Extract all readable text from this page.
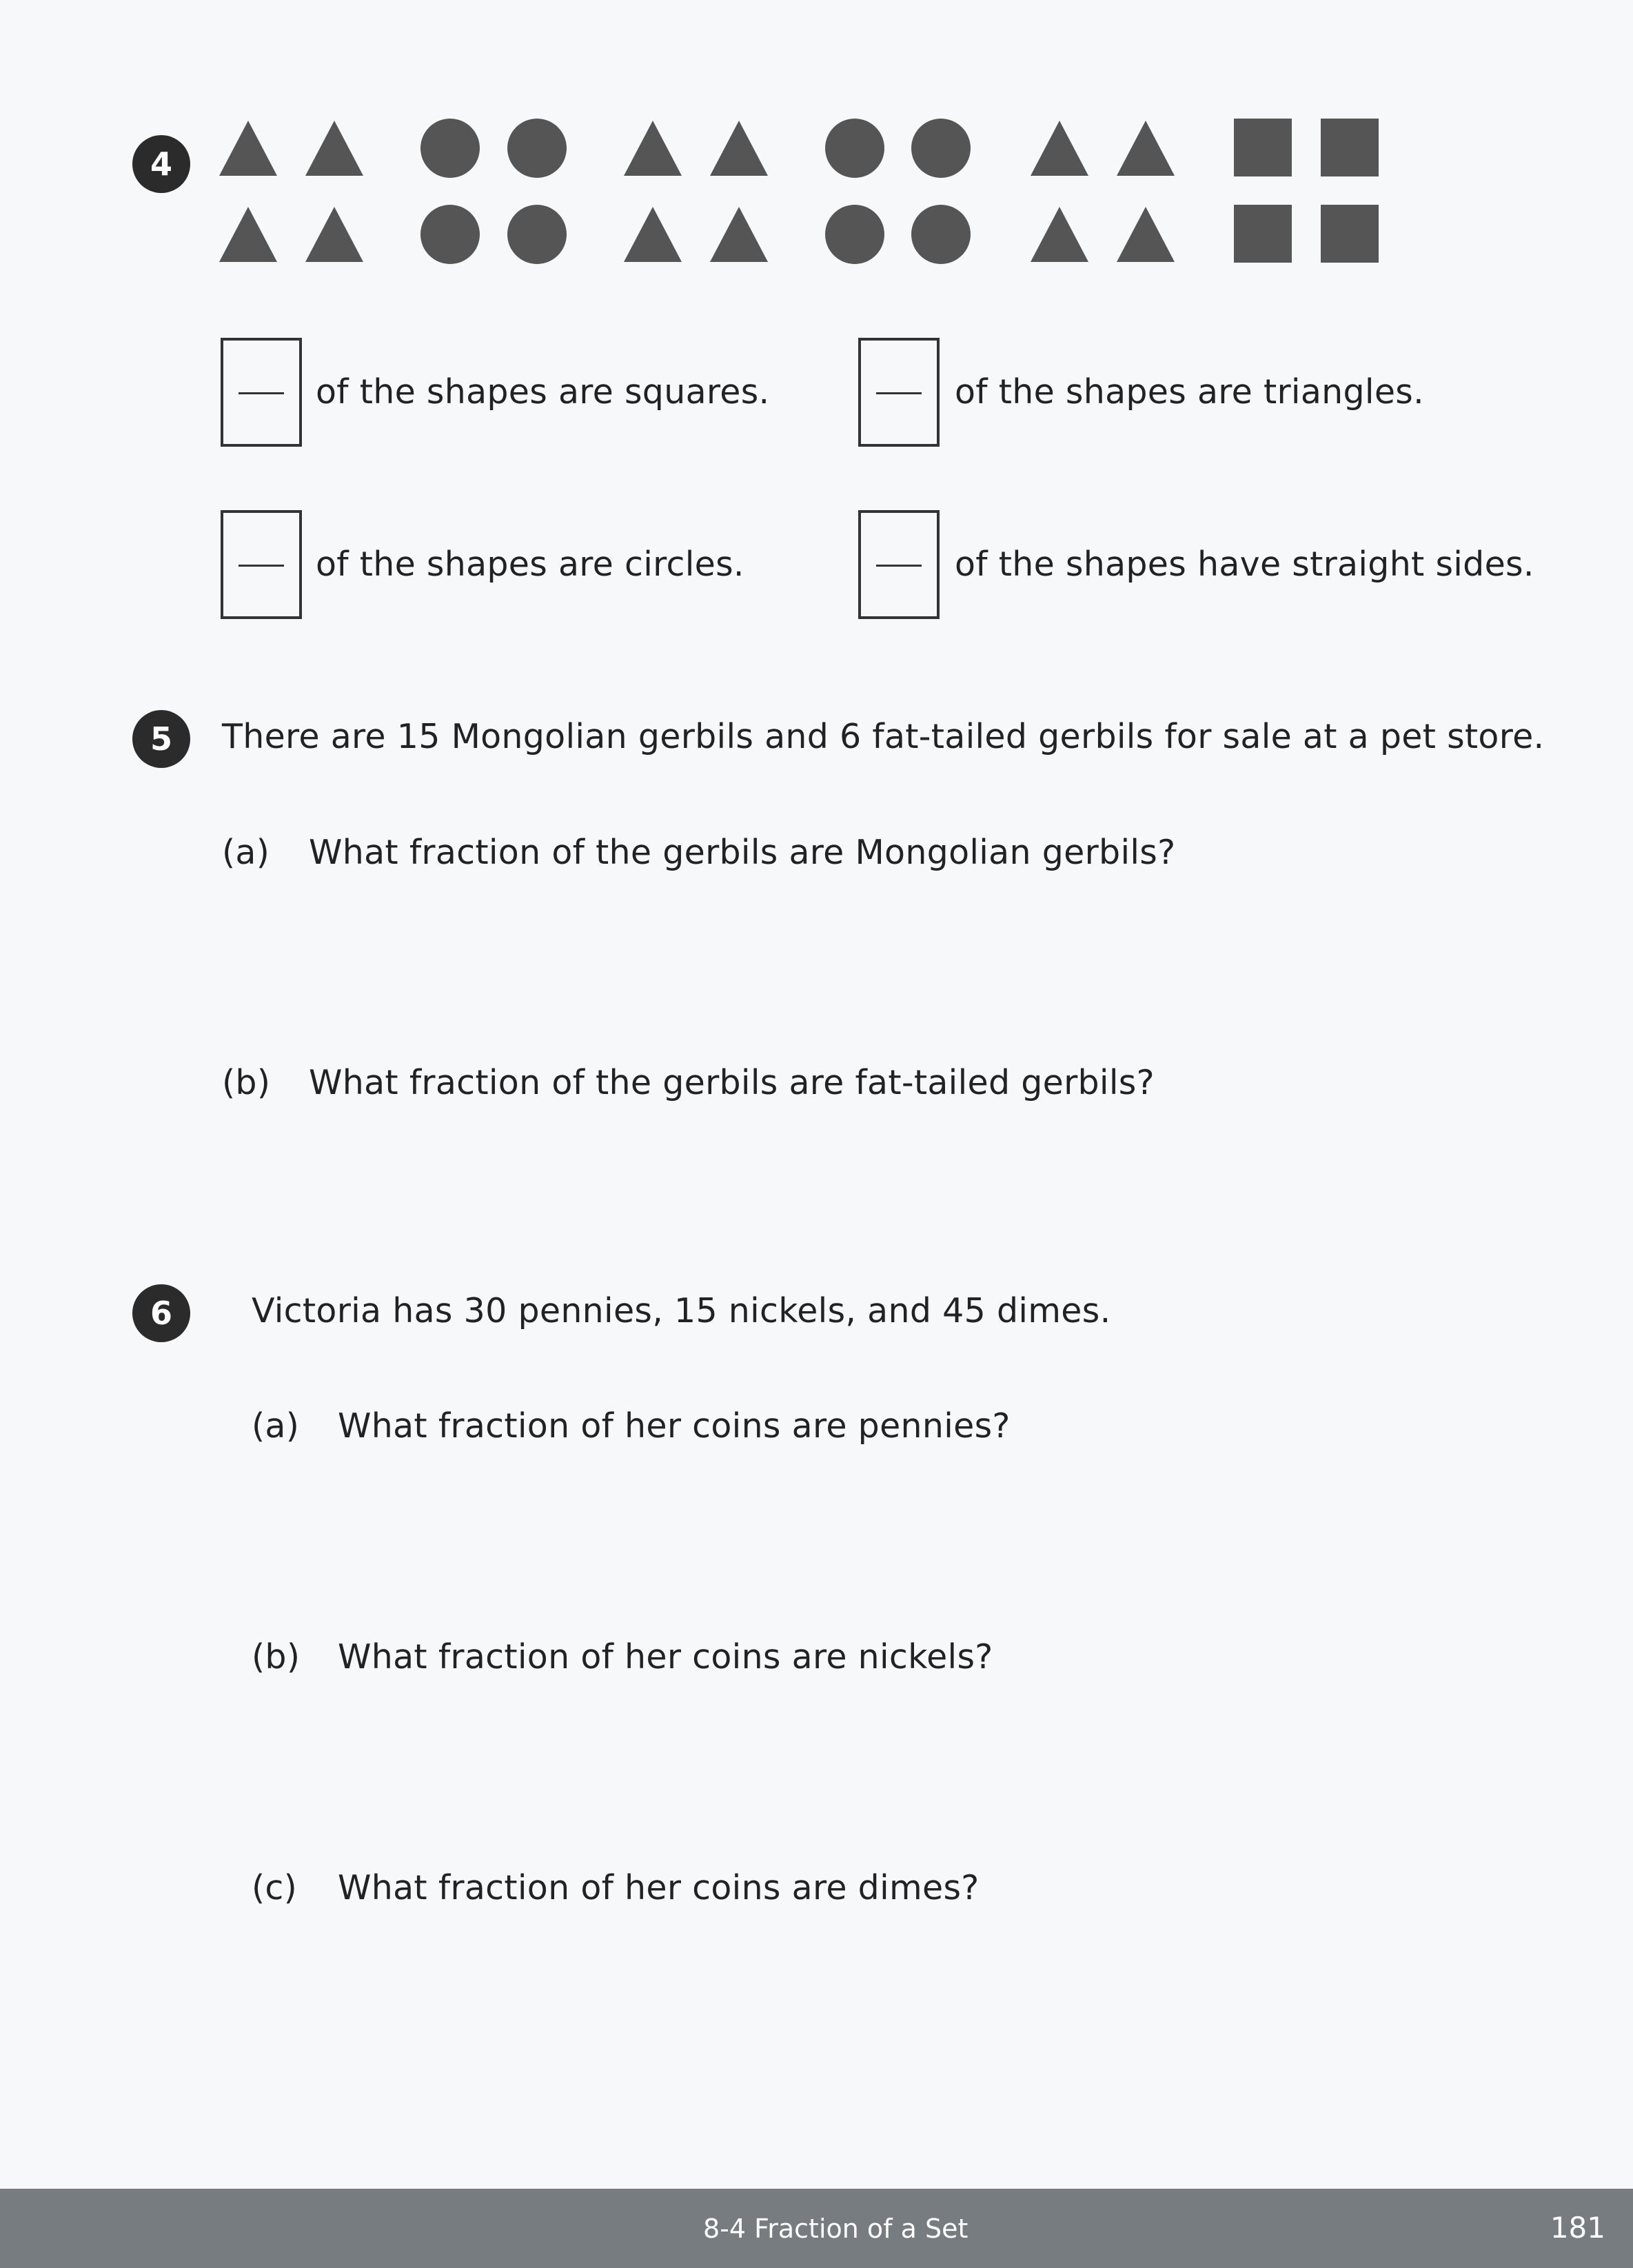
4
of the shapes are squares.	of the shapes are triangles.
of the shapes are circles.	of the shapes have straight sides.
5	There are 15 Mongolian gerbils and 6 fat-tailed gerbils for sale at a pet store.
(a) What fraction of the gerbils are Mongolian gerbils?
(b) What fraction of the gerbils are fat-tailed gerbils?
6	Victoria has 30 pennies, 15 nickels, and 45 dimes.
(a) What fraction of her coins are pennies?
(b) What fraction of her coins are nickels?
(c) What fraction of her coins are dimes?
8-4 Fraction of a Set	181
